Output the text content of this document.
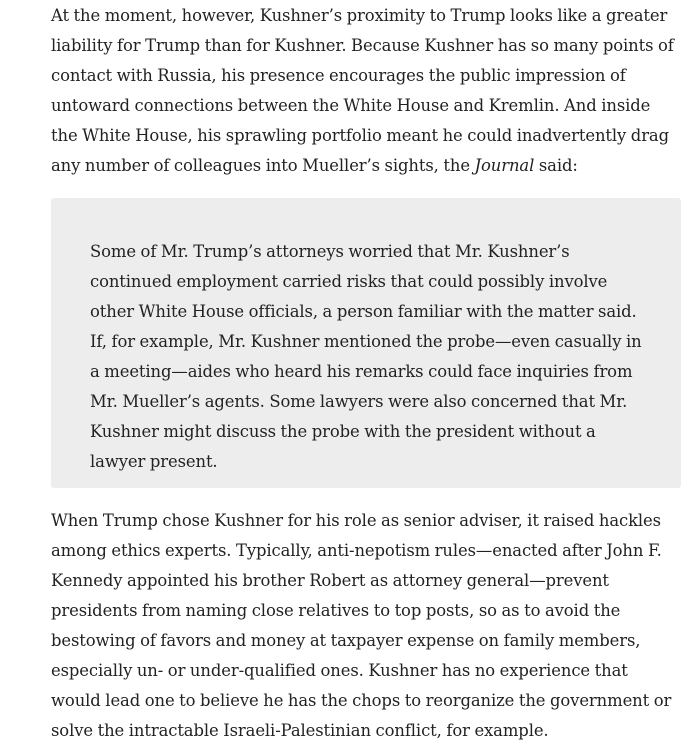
At the moment, however, Kushner’s proximity to Trump looks like a greater liability for Trump than for Kushner. Because Kushner has so many points of contact with Russia, his presence encourages the public impression of untoward connections between the White House and Kremlin. And inside the White House, his sprawling portfolio meant he could inadvertently drag any number of colleagues into Mueller’s sights, the Journal said:

Some of Mr. Trump’s attorneys worried that Mr. Kushner’s continued employment carried risks that could possibly involve other White House officials, a person familiar with the matter said. If, for example, Mr. Kushner mentioned the probe—even casually in a meeting—aides who heard his remarks could face inquiries from Mr. Mueller’s agents. Some lawyers were also concerned that Mr. Kushner might discuss the probe with the president without a lawyer present.

When Trump chose Kushner for his role as senior adviser, it raised hackles among ethics experts. Typically, anti-nepotism rules—enacted after John F. Kennedy appointed his brother Robert as attorney general—prevent presidents from naming close relatives to top posts, so as to avoid the bestowing of favors and money at taxpayer expense on family members, especially un- or under-qualified ones. Kushner has no experience that would lead one to believe he has the chops to reorganize the government or solve the intractable Israeli-Palestinian conflict, for example.
